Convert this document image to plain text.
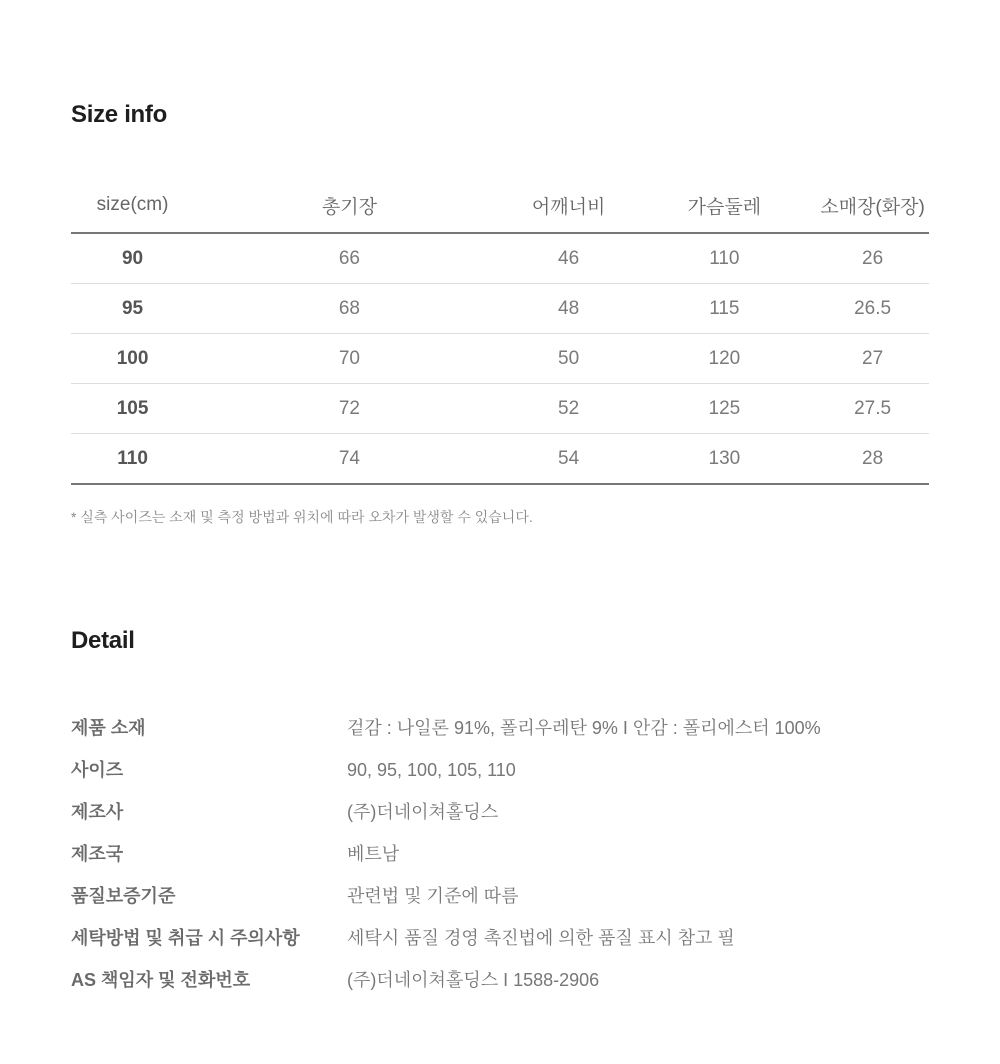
Size info
size(cm)	총기장	어깨너비	가슴둘레	소매장(화장)
90	66	46	110	26
95	68	48	115	26.5
100	70	50	120	27
105	72	52	125	27.5
110	74	54	130	28

* 실측 사이즈는 소재 및 측정 방법과 위치에 따라 오차가 발생할 수 있습니다.

Detail
제품 소재	겉감 : 나일론 91%, 폴리우레탄 9% I 안감 : 폴리에스터 100%
사이즈	90, 95, 100, 105, 110
제조사	(주)더네이쳐홀딩스
제조국	베트남
품질보증기준	관련법 및 기준에 따름
세탁방법 및 취급 시 주의사항	세탁시 품질 경영 촉진법에 의한 품질 표시 참고 필
AS 책임자 및 전화번호	(주)더네이쳐홀딩스 I 1588-2906
